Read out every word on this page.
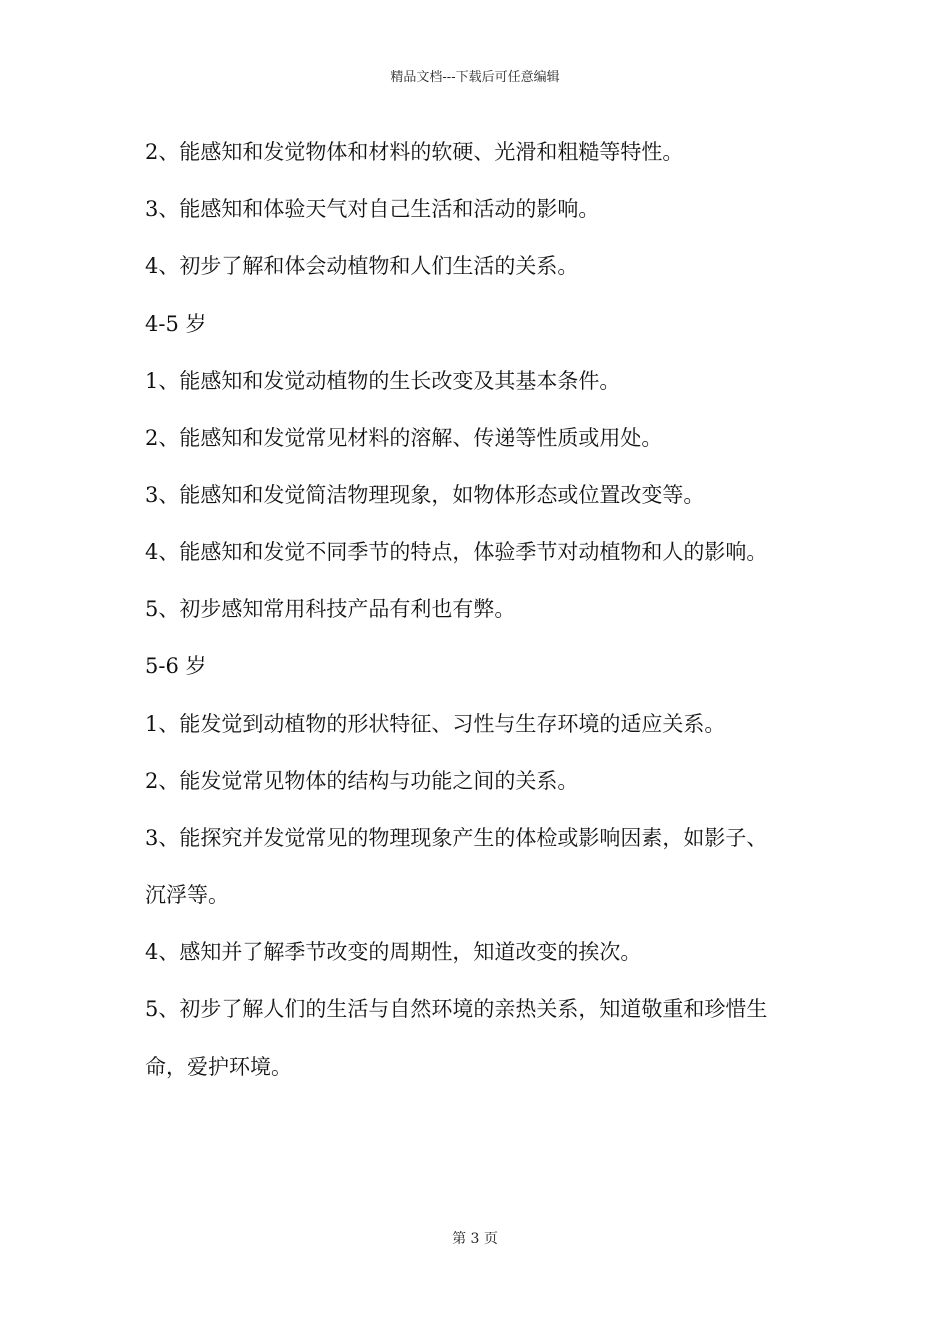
精品文档---下载后可任意编辑
2、能感知和发觉物体和材料的软硬、光滑和粗糙等特性。
3、能感知和体验天气对自己生活和活动的影响。
4、初步了解和体会动植物和人们生活的关系。
4-5 岁
1、能感知和发觉动植物的生长改变及其基本条件。
2、能感知和发觉常见材料的溶解、传递等性质或用处。
3、能感知和发觉简洁物理现象，如物体形态或位置改变等。
4、能感知和发觉不同季节的特点，体验季节对动植物和人的影响。
5、初步感知常用科技产品有利也有弊。
5-6 岁
1、能发觉到动植物的形状特征、习性与生存环境的适应关系。
2、能发觉常见物体的结构与功能之间的关系。
3、能探究并发觉常见的物理现象产生的体检或影响因素，如影子、
沉浮等。
4、感知并了解季节改变的周期性，知道改变的挨次。
5、初步了解人们的生活与自然环境的亲热关系，知道敬重和珍惜生
命，爱护环境。
第 3 页
